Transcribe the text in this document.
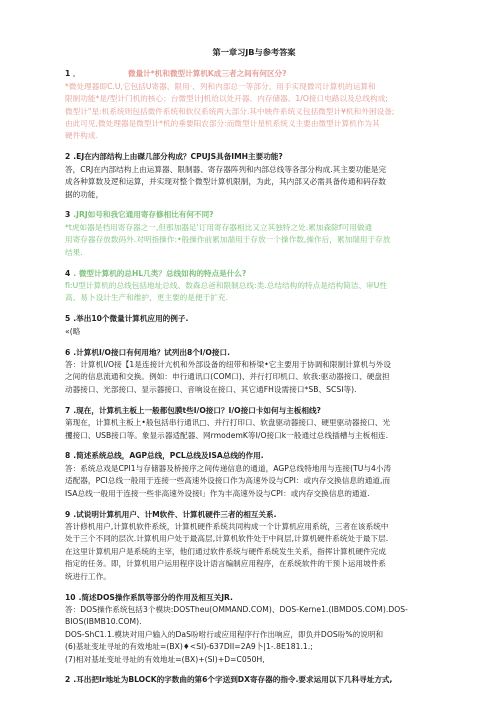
第一章习JB与参考答案
1 ．	微量计*机和微型计算机K成三者之间有何区分?
*微处理器即C.U,它包括U寄器、限用·、列和内部总一等部分、用手实现微司计算机的运算和
限制功能*是/型计门机的核心；台微型计J机给以处开器、内存储器、1/O接口电路以及总线构成;
微型计"星:机系统则包括微件系统和软仪系统两大部分.其中映件系统义包括微型计¥机和外困设备;
由此可见,微处理器是微型计*机的垂要阳农部分:而微型计星机系统义主要由微型计算机作为其
硬件构成.
2 .EJ在内部结构上由磔几部分构成？CPUJS具备IMH主要功能?
答，CRJ在内部结构上由运算器、限制器、寄存器阵列和内部总线等各部分构成.其主要功能是完
成各种算数及逻和运算，并实现对整个微型计算机限制，为此，其内部又必需具备传通和码存数
据的功能，
3 .JRJ如号和我它通用寄存修相比有何不同?
*t虎如器是档用寄存器之一,但那加器足'订用寄存器相比又立其独特之处.累加森除f可用做通
用寄存器存放数码外.对明指操作:•般操作前累加湍用于存放一个操作数,操作后，累加瑞用于存放
结果.
4 . 微型计算机的总HL几类？总线如构的特点是什么?
fI:U型计算机的总线包括地址总线、数森总爸和限制总线:类.总结结构的特点是结构简洁、审U性
高、易卜设计生产和维护，更主要的是便于扩充.
5 .举出10个微量计算机应用的例子.
«(略
6 .计算机I/O接口有何用地？试列出8个I/O接口.
答：计算机I/O接【1是连接计亢机和外部设备的纽带和桥梁•它主要用于协调和限制计算机与外设
之间的信息流通和交换。例如：申行通讯口(COM口)、并行打印机口、软我:驱动器接口、硬盘担
动器接口、光部接口、显示器接口、音响设在接口、其它通FH设需接口*SB、SCSI等).
7 .现在，计算机主板上一般都包膜t些I/O接口？I/O接口卡如何与主板相线?
第现在，计算机主板上•般包括串行通讯□、并行打印口、软盘驱动器接口、硬里驱动器接口、光
攫接口、USB接口等。象显示器适配器、网rmodemK等I/O接口k一般通过总线插槽与主板相连.
8 .简述系统总线，AGP总线，PCL总线及ISA总线的作用.
答：系统总戏是CPI1与存储器及桥接序之间传递信息的通道，AGP总线特地用与连接(TU与4小涛
适配器，PCI总线一般用于连接一些高速外设接口作为高速外设与CPI：或内存交换信息的通道,而
ISA总线一般用于连接一些非高速外设接l」作为丰高速外设与CPI：或内存交换信息的通道.
9 .试说明计算机用户、计M软件、计算机硬件三者的相互关系.
答计修机用户,计算机软件系统，计算机硬件系统共同构成一个计算机应用系统，三者在该系统中
处于三个不同的层次.计算机用户处于最高层,计算机软件处于中间层,计算机硬件系统处于最下层.
在这里计算机用户是系统的主宰，他们通过软件系统与硬件系统发生关系，指挥计算机硬件完成
指定的任务。即，计算机用户运用程序设计语言编制应用程序，在系统软件的干预卜运用坡件系
统进行工作。
10 .简述DOS操作系凯等部分的作用及相互关JR.
答：DOS操作系统包括3个模块:DOSTheu(OMMAND.COM)、DOS-Kerne1.(IBMDOS.COM).DOS-
BIOS(IBMB10.COM).
DOS-ShC1.1.模块对用户输入的DaS吩咐行或应用程序行作出响应，即负并DOS吩%的说明和
(6)基址变址寻址的有效地址=(BX)♦<SI)-637DII=2A9卜|1-.8E181.1.;
(7)相对基址变址寻址的有效地址=(BX)+(SI)+D=C050H,
2 .耳出把Ir地址为BLOCK的字数曲的第6个字送到DX寄存器的指令.要求运用以下几科寻址方式,
